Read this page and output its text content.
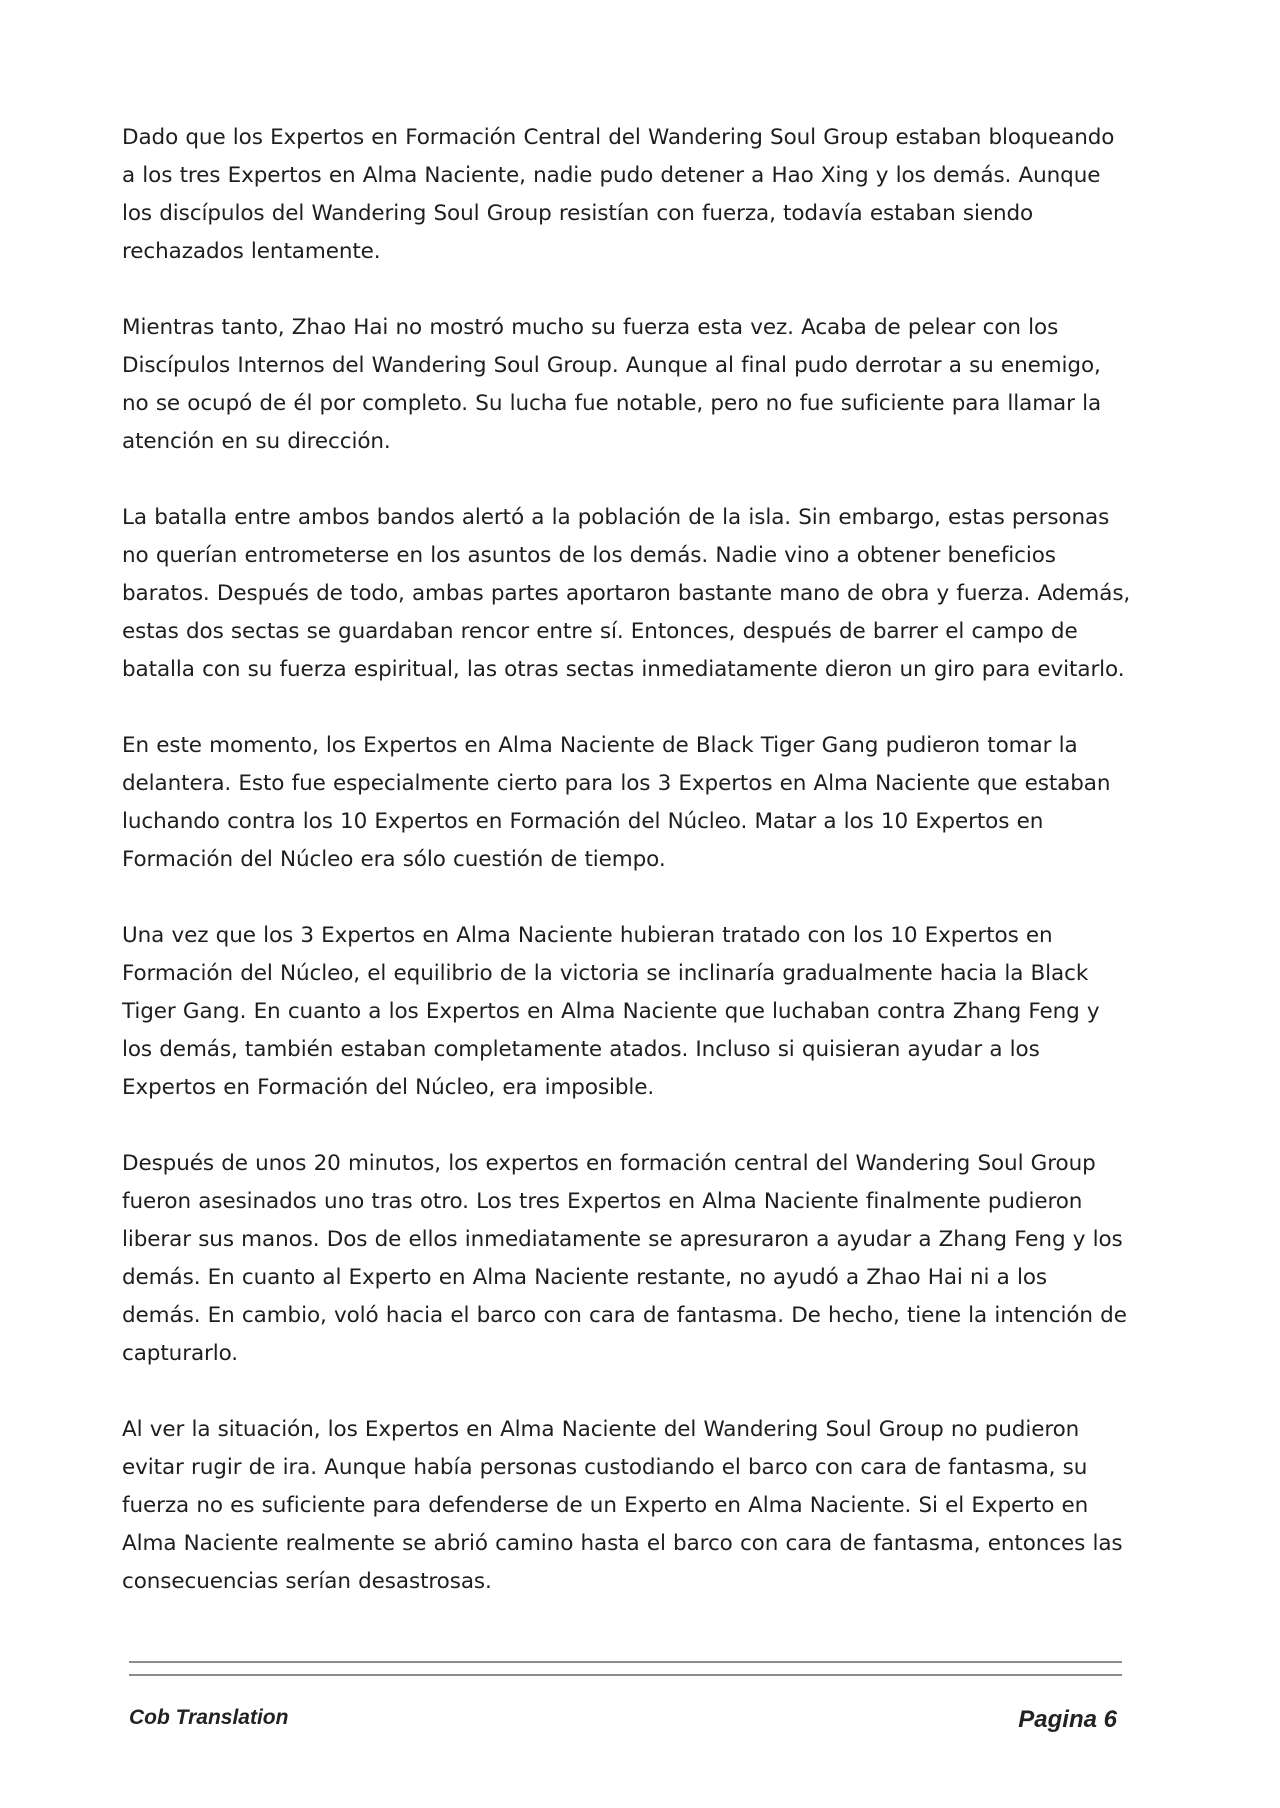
Dado que los Expertos en Formación Central del Wandering Soul Group estaban bloqueando a los tres Expertos en Alma Naciente, nadie pudo detener a Hao Xing y los demás. Aunque los discípulos del Wandering Soul Group resistían con fuerza, todavía estaban siendo rechazados lentamente.

Mientras tanto, Zhao Hai no mostró mucho su fuerza esta vez. Acaba de pelear con los Discípulos Internos del Wandering Soul Group. Aunque al final pudo derrotar a su enemigo, no se ocupó de él por completo. Su lucha fue notable, pero no fue suficiente para llamar la atención en su dirección.

La batalla entre ambos bandos alertó a la población de la isla. Sin embargo, estas personas no querían entrometerse en los asuntos de los demás. Nadie vino a obtener beneficios baratos. Después de todo, ambas partes aportaron bastante mano de obra y fuerza. Además, estas dos sectas se guardaban rencor entre sí. Entonces, después de barrer el campo de batalla con su fuerza espiritual, las otras sectas inmediatamente dieron un giro para evitarlo.

En este momento, los Expertos en Alma Naciente de Black Tiger Gang pudieron tomar la delantera. Esto fue especialmente cierto para los 3 Expertos en Alma Naciente que estaban luchando contra los 10 Expertos en Formación del Núcleo. Matar a los 10 Expertos en Formación del Núcleo era sólo cuestión de tiempo.

Una vez que los 3 Expertos en Alma Naciente hubieran tratado con los 10 Expertos en Formación del Núcleo, el equilibrio de la victoria se inclinaría gradualmente hacia la Black Tiger Gang. En cuanto a los Expertos en Alma Naciente que luchaban contra Zhang Feng y los demás, también estaban completamente atados. Incluso si quisieran ayudar a los Expertos en Formación del Núcleo, era imposible.

Después de unos 20 minutos, los expertos en formación central del Wandering Soul Group fueron asesinados uno tras otro. Los tres Expertos en Alma Naciente finalmente pudieron liberar sus manos. Dos de ellos inmediatamente se apresuraron a ayudar a Zhang Feng y los demás. En cuanto al Experto en Alma Naciente restante, no ayudó a Zhao Hai ni a los demás. En cambio, voló hacia el barco con cara de fantasma. De hecho, tiene la intención de capturarlo.

Al ver la situación, los Expertos en Alma Naciente del Wandering Soul Group no pudieron evitar rugir de ira. Aunque había personas custodiando el barco con cara de fantasma, su fuerza no es suficiente para defenderse de un Experto en Alma Naciente. Si el Experto en Alma Naciente realmente se abrió camino hasta el barco con cara de fantasma, entonces las consecuencias serían desastrosas.

Cob Translation	Pagina 6
